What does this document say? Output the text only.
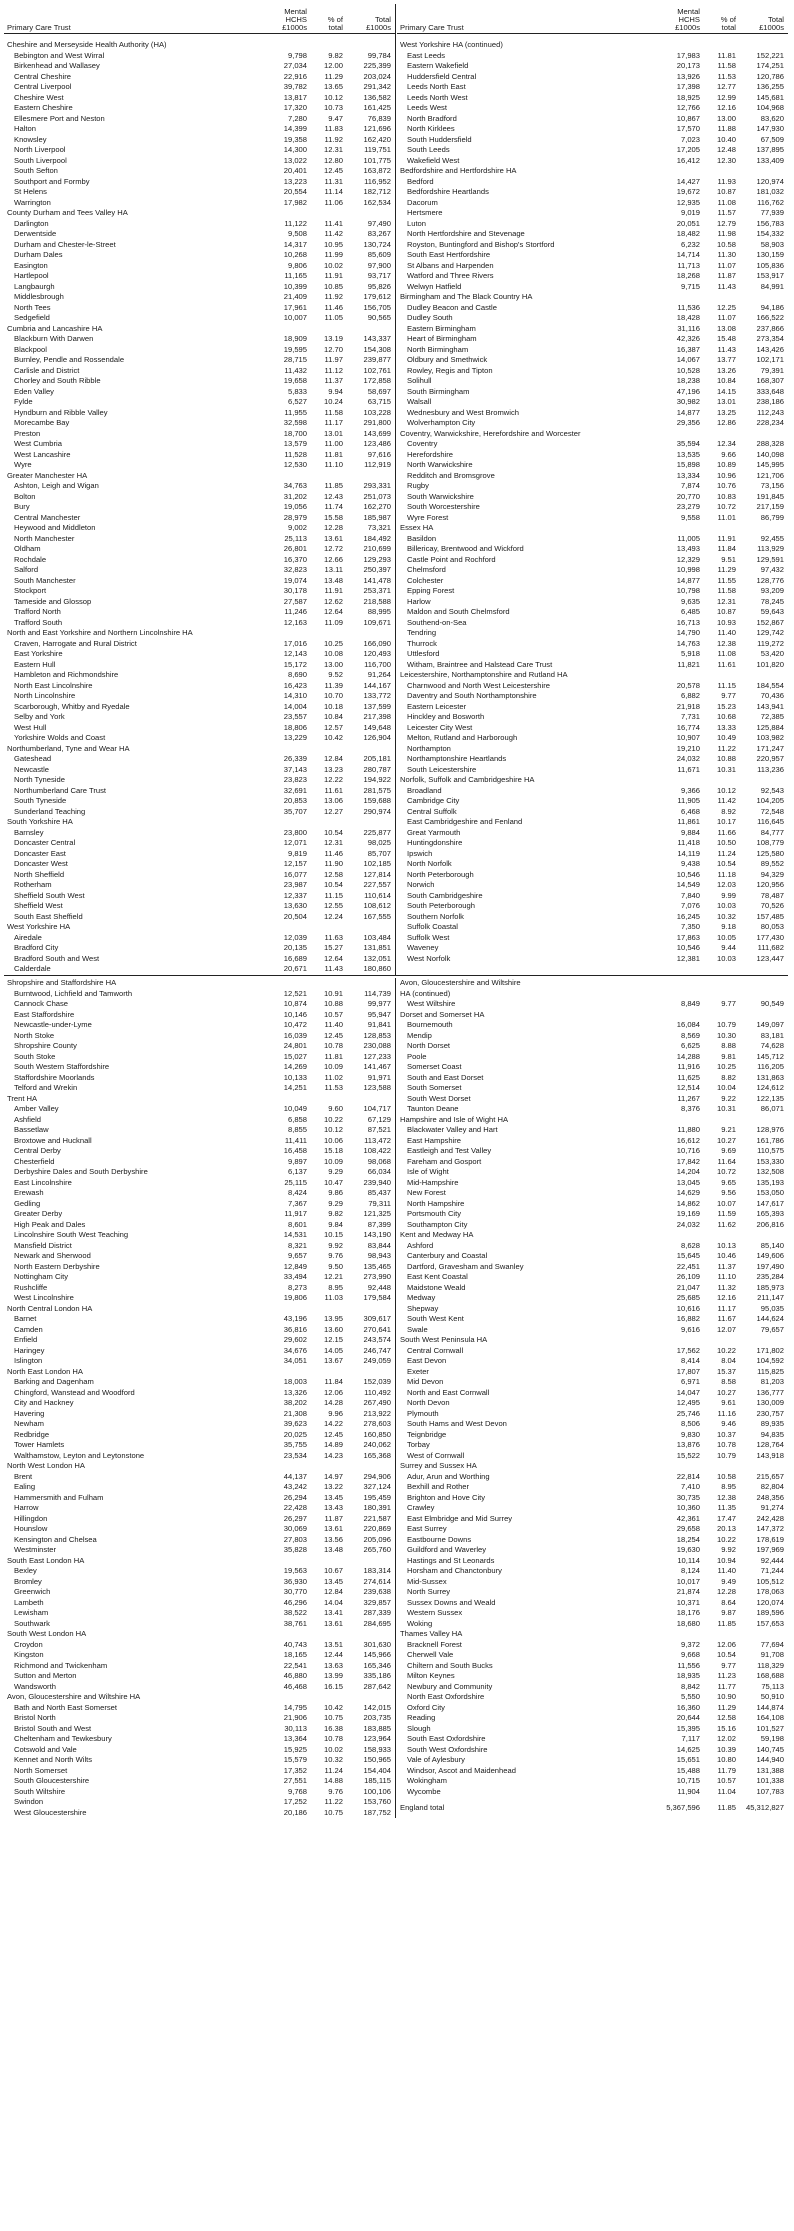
Primary Care Trust
Mental
HCHS
£1000s
% of
total
Total
£1000s
Cheshire and Merseyside Health Authority (HA)
Bebington and West Wirral	9,798	9.82	99,784
Birkenhead and Wallasey	27,034	12.00	225,399
Central Cheshire	22,916	11.29	203,024
Central Liverpool	39,782	13.65	291,342
Cheshire West	13,817	10.12	136,582
Eastern Cheshire	17,320	10.73	161,425
Ellesmere Port and Neston	7,280	9.47	76,839
Halton	14,399	11.83	121,696
Knowsley	19,358	11.92	162,420
North Liverpool	14,300	12.31	119,751
South Liverpool	13,022	12.80	101,775
South Sefton	20,401	12.45	163,872
Southport and Formby	13,223	11.31	116,952
St Helens	20,554	11.14	182,712
Warrington	17,982	11.06	162,534
County Durham and Tees Valley HA
Darlington	11,122	11.41	97,490
Derwentside	9,508	11.42	83,267
Durham and Chester-le-Street	14,317	10.95	130,724
Durham Dales	10,268	11.99	85,609
Easington	9,806	10.02	97,900
Hartlepool	11,165	11.91	93,717
Langbaurgh	10,399	10.85	95,826
Middlesbrough	21,409	11.92	179,612
North Tees	17,961	11.46	156,705
Sedgefield	10,007	11.05	90,565
Cumbria and Lancashire HA
Blackburn With Darwen	18,909	13.19	143,337
Blackpool	19,595	12.70	154,308
Burnley, Pendle and Rossendale	28,715	11.97	239,877
Carlisle and District	11,432	11.12	102,761
Chorley and South Ribble	19,658	11.37	172,858
Eden Valley	5,833	9.94	58,697
Fylde	6,527	10.24	63,715
Hyndburn and Ribble Valley	11,955	11.58	103,228
Morecambe Bay	32,598	11.17	291,800
Preston	18,700	13.01	143,699
West Cumbria	13,579	11.00	123,486
West Lancashire	11,528	11.81	97,616
Wyre	12,530	11.10	112,919
Greater Manchester HA
Ashton, Leigh and Wigan	34,763	11.85	293,331
Bolton	31,202	12.43	251,073
Bury	19,056	11.74	162,270
Central Manchester	28,979	15.58	185,987
Heywood and Middleton	9,002	12.28	73,321
North Manchester	25,113	13.61	184,492
Oldham	26,801	12.72	210,699
Rochdale	16,370	12.66	129,293
Salford	32,823	13.11	250,397
South Manchester	19,074	13.48	141,478
Stockport	30,178	11.91	253,371
Tameside and Glossop	27,587	12.62	218,588
Trafford North	11,246	12.64	88,995
Trafford South	12,163	11.09	109,671
North and East Yorkshire and Northern Lincolnshire HA
Craven, Harrogate and Rural District	17,016	10.25	166,090
East Yorkshire	12,143	10.08	120,493
Eastern Hull	15,172	13.00	116,700
Hambleton and Richmondshire	8,690	9.52	91,264
North East Lincolnshire	16,423	11.39	144,167
North Lincolnshire	14,310	10.70	133,772
Scarborough, Whitby and Ryedale	14,004	10.18	137,599
Selby and York	23,557	10.84	217,398
West Hull	18,806	12.57	149,648
Yorkshire Wolds and Coast	13,229	10.42	126,904
Northumberland, Tyne and Wear HA
Gateshead	26,339	12.84	205,181
Newcastle	37,143	13.23	280,787
North Tyneside	23,823	12.22	194,922
Northumberland Care Trust	32,691	11.61	281,575
South Tyneside	20,853	13.06	159,688
Sunderland Teaching	35,707	12.27	290,974
South Yorkshire HA
Barnsley	23,800	10.54	225,877
Doncaster Central	12,071	12.31	98,025
Doncaster East	9,819	11.46	85,707
Doncaster West	12,157	11.90	102,185
North Sheffield	16,077	12.58	127,814
Rotherham	23,987	10.54	227,557
Sheffield South West	12,337	11.15	110,614
Sheffield West	13,630	12.55	108,612
South East Sheffield	20,504	12.24	167,555
West Yorkshire HA
Airedale	12,039	11.63	103,484
Bradford City	20,135	15.27	131,851
Bradford South and West	16,689	12.64	132,051
Calderdale	20,671	11.43	180,860
Primary Care Trust
Mental
HCHS
£1000s
% of
total
Total
£1000s
West Yorkshire HA (continued)
East Leeds	17,983	11.81	152,221
Eastern Wakefield	20,173	11.58	174,251
Huddersfield Central	13,926	11.53	120,786
Leeds North East	17,398	12.77	136,255
Leeds North West	18,925	12.99	145,681
Leeds West	12,766	12.16	104,968
North Bradford	10,867	13.00	83,620
North Kirklees	17,570	11.88	147,930
South Huddersfield	7,023	10.40	67,509
South Leeds	17,205	12.48	137,895
Wakefield West	16,412	12.30	133,409
Bedfordshire and Hertfordshire HA
Bedford	14,427	11.93	120,974
Bedfordshire Heartlands	19,672	10.87	181,032
Dacorum	12,935	11.08	116,762
Hertsmere	9,019	11.57	77,939
Luton	20,051	12.79	156,783
North Hertfordshire and Stevenage	18,482	11.98	154,332
Royston, Buntingford and Bishop's Stortford	6,232	10.58	58,903
South East Hertfordshire	14,714	11.30	130,159
St Albans and Harpenden	11,713	11.07	105,836
Watford and Three Rivers	18,268	11.87	153,917
Welwyn Hatfield	9,715	11.43	84,991
Birmingham and The Black Country HA
Dudley Beacon and Castle	11,536	12.25	94,186
Dudley South	18,428	11.07	166,522
Eastern Birmingham	31,116	13.08	237,866
Heart of Birmingham	42,326	15.48	273,354
North Birmingham	16,387	11.43	143,426
Oldbury and Smethwick	14,067	13.77	102,171
Rowley, Regis and Tipton	10,528	13.26	79,391
Solihull	18,238	10.84	168,307
South Birmingham	47,196	14.15	333,648
Walsall	30,982	13.01	238,186
Wednesbury and West Bromwich	14,877	13.25	112,243
Wolverhampton City	29,356	12.86	228,234
Coventry, Warwickshire, Herefordshire and Worcester
Coventry	35,594	12.34	288,328
Herefordshire	13,535	9.66	140,098
North Warwickshire	15,898	10.89	145,995
Redditch and Bromsgrove	13,334	10.96	121,706
Rugby	7,874	10.76	73,156
South Warwickshire	20,770	10.83	191,845
South Worcestershire	23,279	10.72	217,159
Wyre Forest	9,558	11.01	86,799
Essex HA
Basildon	11,005	11.91	92,455
Billericay, Brentwood and Wickford	13,493	11.84	113,929
Castle Point and Rochford	12,329	9.51	129,591
Chelmsford	10,998	11.29	97,432
Colchester	14,877	11.55	128,776
Epping Forest	10,798	11.58	93,209
Harlow	9,635	12.31	78,245
Maldon and South Chelmsford	6,485	10.87	59,643
Southend-on-Sea	16,713	10.93	152,867
Tendring	14,790	11.40	129,742
Thurrock	14,763	12.38	119,272
Uttlesford	5,918	11.08	53,420
Witham, Braintree and Halstead Care Trust	11,821	11.61	101,820
Leicestershire, Northamptonshire and Rutland HA
Charnwood and North West Leicestershire	20,578	11.15	184,554
Daventry and South Northamptonshire	6,882	9.77	70,436
Eastern Leicester	21,918	15.23	143,941
Hinckley and Bosworth	7,731	10.68	72,385
Leicester City West	16,774	13.33	125,884
Melton, Rutland and Harborough	10,907	10.49	103,982
Northampton	19,210	11.22	171,247
Northamptonshire Heartlands	24,032	10.88	220,957
South Leicestershire	11,671	10.31	113,236
Norfolk, Suffolk and Cambridgeshire HA
Broadland	9,366	10.12	92,543
Cambridge City	11,905	11.42	104,205
Central Suffolk	6,468	8.92	72,548
East Cambridgeshire and Fenland	11,861	10.17	116,645
Great Yarmouth	9,884	11.66	84,777
Huntingdonshire	11,418	10.50	108,779
Ipswich	14,119	11.24	125,580
North Norfolk	9,438	10.54	89,552
North Peterborough	10,546	11.18	94,329
Norwich	14,549	12.03	120,956
South Cambridgeshire	7,840	9.99	78,487
South Peterborough	7,076	10.03	70,526
Southern Norfolk	16,245	10.32	157,485
Suffolk Coastal	7,350	9.18	80,053
Suffolk West	17,863	10.05	177,430
Waveney	10,546	9.44	111,682
West Norfolk	12,381	10.03	123,447
Shropshire and Staffordshire HA
Burntwood, Lichfield and Tamworth	12,521	10.91	114,739
Cannock Chase	10,874	10.88	99,977
East Staffordshire	10,146	10.57	95,947
Newcastle-under-Lyme	10,472	11.40	91,841
North Stoke	16,039	12.45	128,853
Shropshire County	24,801	10.78	230,088
South Stoke	15,027	11.81	127,233
South Western Staffordshire	14,269	10.09	141,467
Staffordshire Moorlands	10,133	11.02	91,971
Telford and Wrekin	14,251	11.53	123,588
Trent HA
Amber Valley	10,049	9.60	104,717
Ashfield	6,858	10.22	67,129
Bassetlaw	8,855	10.12	87,521
Broxtowe and Hucknall	11,411	10.06	113,472
Central Derby	16,458	15.18	108,422
Chesterfield	9,897	10.09	98,068
Derbyshire Dales and South Derbyshire	6,137	9.29	66,034
East Lincolnshire	25,115	10.47	239,940
Erewash	8,424	9.86	85,437
Gedling	7,367	9.29	79,311
Greater Derby	11,917	9.82	121,325
High Peak and Dales	8,601	9.84	87,399
Lincolnshire South West Teaching	14,531	10.15	143,190
Mansfield District	8,321	9.92	83,844
Newark and Sherwood	9,657	9.76	98,943
North Eastern Derbyshire	12,849	9.50	135,465
Nottingham City	33,494	12.21	273,990
Rushcliffe	8,273	8.95	92,448
West Lincolnshire	19,806	11.03	179,584
North Central London HA
Barnet	43,196	13.95	309,617
Camden	36,816	13.60	270,641
Enfield	29,602	12.15	243,574
Haringey	34,676	14.05	246,747
Islington	34,051	13.67	249,059
North East London HA
Barking and Dagenham	18,003	11.84	152,039
Chingford, Wanstead and Woodford	13,326	12.06	110,492
City and Hackney	38,202	14.28	267,490
Havering	21,308	9.96	213,922
Newham	39,623	14.22	278,603
Redbridge	20,025	12.45	160,850
Tower Hamlets	35,755	14.89	240,062
Walthamstow, Leyton and Leytonstone	23,534	14.23	165,368
North West London HA
Brent	44,137	14.97	294,906
Ealing	43,242	13.22	327,124
Hammersmith and Fulham	26,294	13.45	195,459
Harrow	22,428	13.43	180,391
Hillingdon	26,297	11.87	221,587
Hounslow	30,069	13.61	220,869
Kensington and Chelsea	27,803	13.56	205,096
Westminster	35,828	13.48	265,760
South East London HA
Bexley	19,563	10.67	183,314
Bromley	36,930	13.45	274,614
Greenwich	30,770	12.84	239,638
Lambeth	46,296	14.04	329,857
Lewisham	38,522	13.41	287,339
Southwark	38,761	13.61	284,695
South West London HA
Croydon	40,743	13.51	301,630
Kingston	18,165	12.44	145,966
Richmond and Twickenham	22,541	13.63	165,346
Sutton and Merton	46,880	13.99	335,186
Wandsworth	46,468	16.15	287,642
Avon, Gloucestershire and Wiltshire HA
Bath and North East Somerset	14,795	10.42	142,015
Bristol North	21,906	10.75	203,735
Bristol South and West	30,113	16.38	183,885
Cheltenham and Tewkesbury	13,364	10.78	123,964
Cotswold and Vale	15,925	10.02	158,933
Kennet and North Wilts	15,579	10.32	150,965
North Somerset	17,352	11.24	154,404
South Gloucestershire	27,551	14.88	185,115
South Wiltshire	9,768	9.76	100,106
Swindon	17,252	11.22	153,760
West Gloucestershire	20,186	10.75	187,752
Avon, Gloucestershire and Wiltshire
HA (continued)
West Wiltshire	8,849	9.77	90,549
Dorset and Somerset HA
Bournemouth	16,084	10.79	149,097
Mendip	8,569	10.30	83,181
North Dorset	6,625	8.88	74,628
Poole	14,288	9.81	145,712
Somerset Coast	11,916	10.25	116,205
South and East Dorset	11,625	8.82	131,863
South Somerset	12,514	10.04	124,612
South West Dorset	11,267	9.22	122,135
Taunton Deane	8,376	10.31	86,071
Hampshire and Isle of Wight HA
Blackwater Valley and Hart	11,880	9.21	128,976
East Hampshire	16,612	10.27	161,786
Eastleigh and Test Valley	10,716	9.69	110,575
Fareham and Gosport	17,842	11.64	153,330
Isle of Wight	14,204	10.72	132,508
Mid-Hampshire	13,045	9.65	135,193
New Forest	14,629	9.56	153,050
North Hampshire	14,862	10.07	147,617
Portsmouth City	19,169	11.59	165,393
Southampton City	24,032	11.62	206,816
Kent and Medway HA
Ashford	8,628	10.13	85,140
Canterbury and Coastal	15,645	10.46	149,606
Dartford, Gravesham and Swanley	22,451	11.37	197,490
East Kent Coastal	26,109	11.10	235,284
Maidstone Weald	21,047	11.32	185,973
Medway	25,685	12.16	211,147
Shepway	10,616	11.17	95,035
South West Kent	16,882	11.67	144,624
Swale	9,616	12.07	79,657
South West Peninsula HA
Central Cornwall	17,562	10.22	171,802
East Devon	8,414	8.04	104,592
Exeter	17,807	15.37	115,825
Mid Devon	6,971	8.58	81,203
North and East Cornwall	14,047	10.27	136,777
North Devon	12,495	9.61	130,009
Plymouth	25,746	11.16	230,757
South Hams and West Devon	8,506	9.46	89,935
Teignbridge	9,830	10.37	94,835
Torbay	13,876	10.78	128,764
West of Cornwall	15,522	10.79	143,918
Surrey and Sussex HA
Adur, Arun and Worthing	22,814	10.58	215,657
Bexhill and Rother	7,410	8.95	82,804
Brighton and Hove City	30,735	12.38	248,356
Crawley	10,360	11.35	91,274
East Elmbridge and Mid Surrey	42,361	17.47	242,428
East Surrey	29,658	20.13	147,372
Eastbourne Downs	18,254	10.22	178,619
Guildford and Waverley	19,630	9.92	197,969
Hastings and St Leonards	10,114	10.94	92,444
Horsham and Chanctonbury	8,124	11.40	71,244
Mid-Sussex	10,017	9.49	105,512
North Surrey	21,874	12.28	178,063
Sussex Downs and Weald	10,371	8.64	120,074
Western Sussex	18,176	9.87	189,596
Woking	18,680	11.85	157,653
Thames Valley HA
Bracknell Forest	9,372	12.06	77,694
Cherwell Vale	9,668	10.54	91,708
Chiltern and South Bucks	11,556	9.77	118,329
Milton Keynes	18,935	11.23	168,688
Newbury and Community	8,842	11.77	75,113
North East Oxfordshire	5,550	10.90	50,910
Oxford City	16,360	11.29	144,874
Reading	20,644	12.58	164,108
Slough	15,395	15.16	101,527
South East Oxfordshire	7,117	12.02	59,198
South West Oxfordshire	14,625	10.39	140,745
Vale of Aylesbury	15,651	10.80	144,940
Windsor, Ascot and Maidenhead	15,488	11.79	131,388
Wokingham	10,715	10.57	101,338
Wycombe	11,904	11.04	107,783
England total	5,367,596	11.85	45,312,827
